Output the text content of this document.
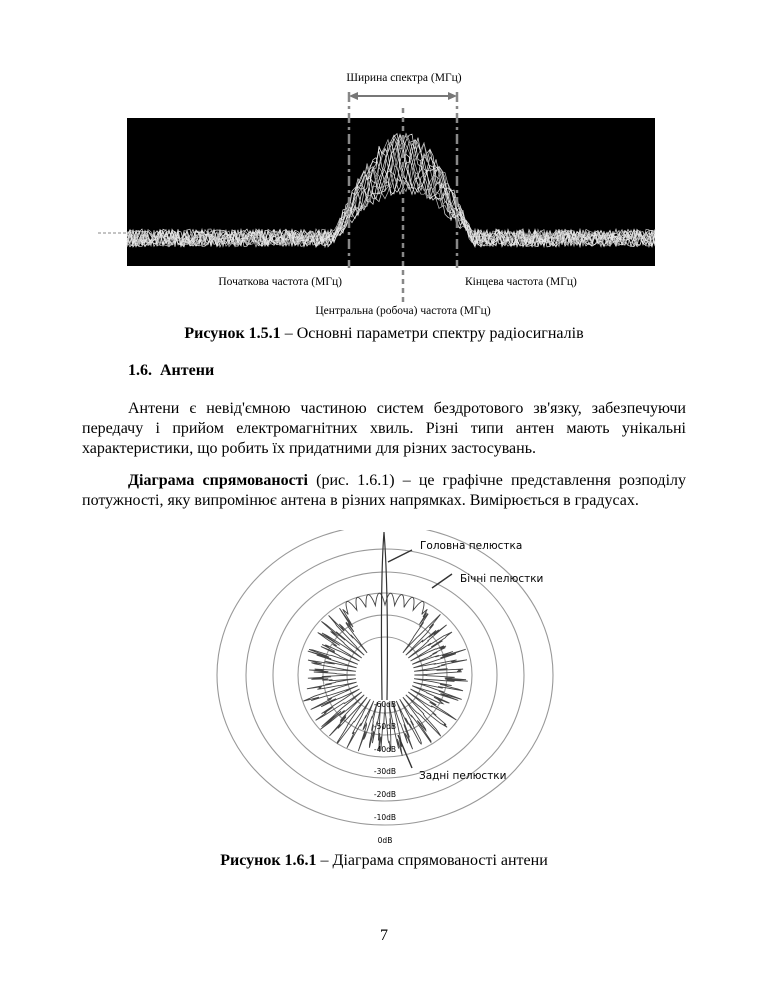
Ширина спектра (МГц)
Початкова частота (МГц)	Кінцева частота (МГц)
Центральна (робоча) частота (МГц)
Рисунок 1.5.1 – Основні параметри спектру радіосигналів
1.6. Антени
Антени є невід'ємною частиною систем бездротового зв'язку, забезпечуючи передачу і прийом електромагнітних хвиль. Різні типи антен мають унікальні характеристики, що робить їх придатними для різних застосувань.
Діаграма спрямованості (рис. 1.6.1) – це графічне представлення розподілу потужності, яку випромінює антена в різних напрямках. Вимірюється в градусах.
-60dB
-50dB
-40dB
-30dB
-20dB
-10dB
0dB
Головна пелюстка
Бічні пелюстки
Задні пелюстки
Рисунок 1.6.1 – Діаграма спрямованості антени
7
